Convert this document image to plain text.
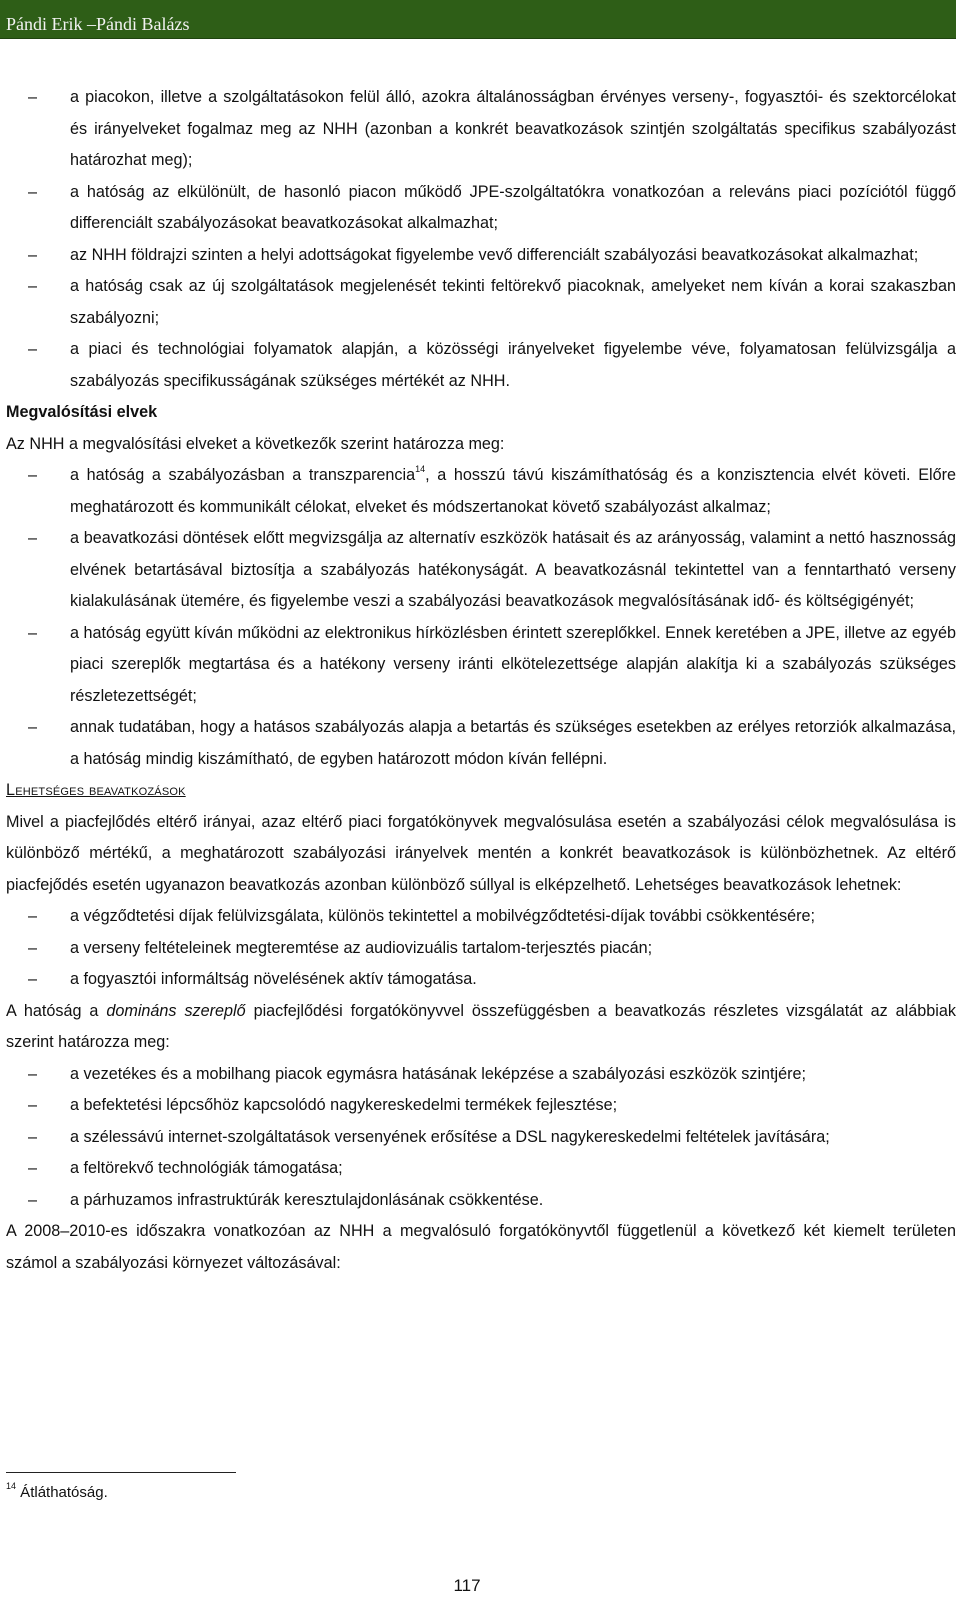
Pándi Erik –Pándi Balázs

–	a piacokon, illetve a szolgáltatásokon felül álló, azokra általánosságban érvényes verseny-, fogyasztói- és szektorcélokat és irányelveket fogalmaz meg az NHH (azonban a konkrét beavatkozások szintjén szolgáltatás specifikus szabályozást határozhat meg);

–	a hatóság az elkülönült, de hasonló piacon működő JPE-szolgáltatókra vonatkozóan a releváns piaci pozíciótól függő differenciált szabályozásokat beavatkozásokat alkalmazhat;

–	az NHH földrajzi szinten a helyi adottságokat figyelembe vevő differenciált szabályozási beavatkozásokat alkalmazhat;

–	a hatóság csak az új szolgáltatások megjelenését tekinti feltörekvő piacoknak, amelyeket nem kíván a korai szakaszban szabályozni;

–	a piaci és technológiai folyamatok alapján, a közösségi irányelveket figyelembe véve, folyamatosan felülvizsgálja a szabályozás specifikusságának szükséges mértékét az NHH.

Megvalósítási elvek

Az NHH a megvalósítási elveket a következők szerint határozza meg:

–	a hatóság a szabályozásban a transzparencia$^{14}$, a hosszú távú kiszámíthatóság és a konzisztencia elvét követi. Előre meghatározott és kommunikált célokat, elveket és módszertanokat követő szabályozást alkalmaz;

–	a beavatkozási döntések előtt megvizsgálja az alternatív eszközök hatásait és az arányosság, valamint a nettó hasznosság elvének betartásával biztosítja a szabályozás hatékonyságát. A beavatkozásnál tekintettel van a fenntartható verseny kialakulásának ütemére, és figyelembe veszi a szabályozási beavatkozások megvalósításának idő- és költségigényét;

–	a hatóság együtt kíván működni az elektronikus hírközlésben érintett szereplőkkel. Ennek keretében a JPE, illetve az egyéb piaci szereplők megtartása és a hatékony verseny iránti elkötelezettsége alapján alakítja ki a szabályozás szükséges részletezettségét;

–	annak tudatában, hogy a hatásos szabályozás alapja a betartás és szükséges esetekben az erélyes retorziók alkalmazása, a hatóság mindig kiszámítható, de egyben határozott módon kíván fellépni.

Lehetséges beavatkozások

Mivel a piacfejlődés eltérő irányai, azaz eltérő piaci forgatókönyvek megvalósulása esetén a szabályozási célok megvalósulása is különböző mértékű, a meghatározott szabályozási irányelvek mentén a konkrét beavatkozások is különbözhetnek. Az eltérő piacfejődés esetén ugyanazon beavatkozás azonban különböző súllyal is elképzelhető. Lehetséges beavatkozások lehetnek:

–	a végződtetési díjak felülvizsgálata, különös tekintettel a mobilvégződtetési-díjak további csökkentésére;

–	a verseny feltételeinek megteremtése az audiovizuális tartalom-terjesztés piacán;

–	a fogyasztói informáltság növelésének aktív támogatása.

A hatóság a domináns szereplő piacfejlődési forgatókönyvvel összefüggésben a beavatkozás részletes vizsgálatát az alábbiak szerint határozza meg:

–	a vezetékes és a mobilhang piacok egymásra hatásának leképzése a szabályozási eszközök szintjére;

–	a befektetési lépcsőhöz kapcsolódó nagykereskedelmi termékek fejlesztése;

–	a szélessávú internet-szolgáltatások versenyének erősítése a DSL nagykereskedelmi feltételek javítására;

–	a feltörekvő technológiák támogatása;

–	a párhuzamos infrastruktúrák keresztulajdonlásának csökkentése.

A 2008–2010-es időszakra vonatkozóan az NHH a megvalósuló forgatókönyvtől függetlenül a következő két kiemelt területen számol a szabályozási környezet változásával:

$^{14}$ Átláthatóság.
117
